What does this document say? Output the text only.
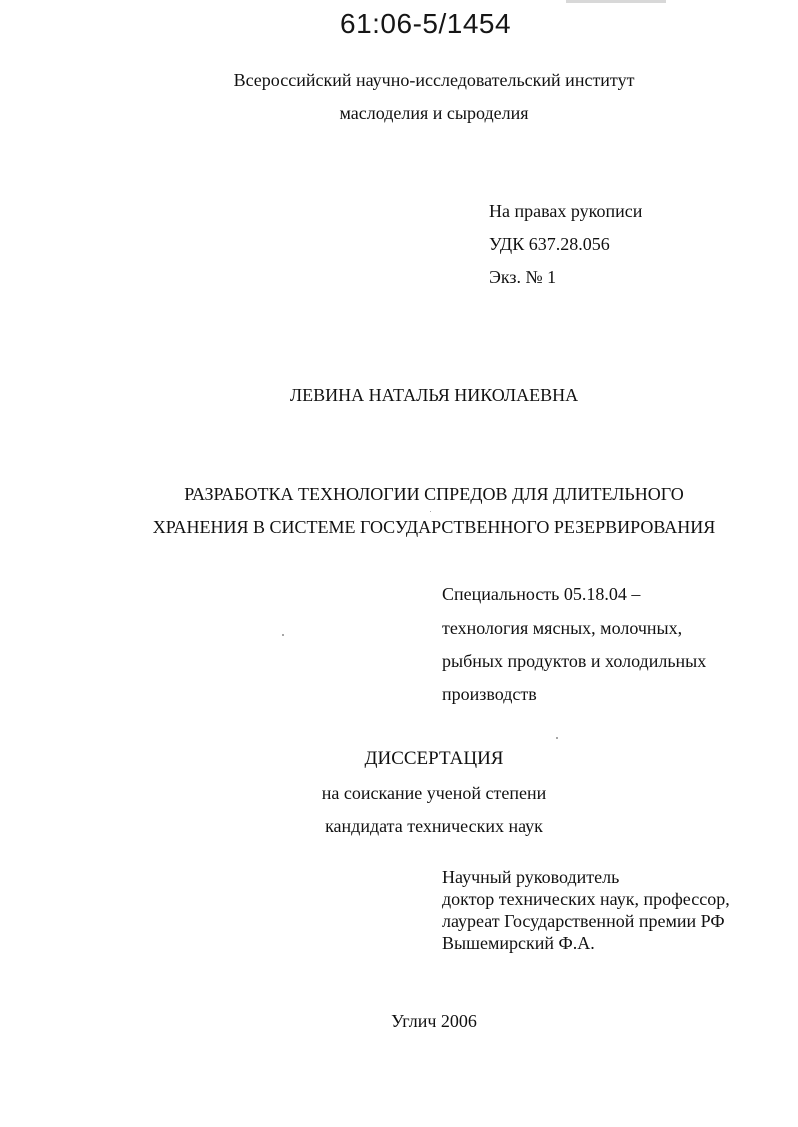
61:06-5/1454

Всероссийский научно-исследовательский институт

маслоделия и сыроделия

На правах рукописи

УДК 637.28.056

Экз. № 1

ЛЕВИНА НАТАЛЬЯ НИКОЛАЕВНА

РАЗРАБОТКА ТЕХНОЛОГИИ СПРЕДОВ ДЛЯ ДЛИТЕЛЬНОГО

ХРАНЕНИЯ В СИСТЕМЕ ГОСУДАРСТВЕННОГО РЕЗЕРВИРОВАНИЯ

Специальность 05.18.04 –

технология мясных, молочных,

рыбных продуктов и холодильных

производств

ДИССЕРТАЦИЯ

на соискание ученой степени

кандидата технических наук

Научный руководитель

доктор технических наук, профессор,

лауреат Государственной премии РФ

Вышемирский Ф.А.

Углич 2006
